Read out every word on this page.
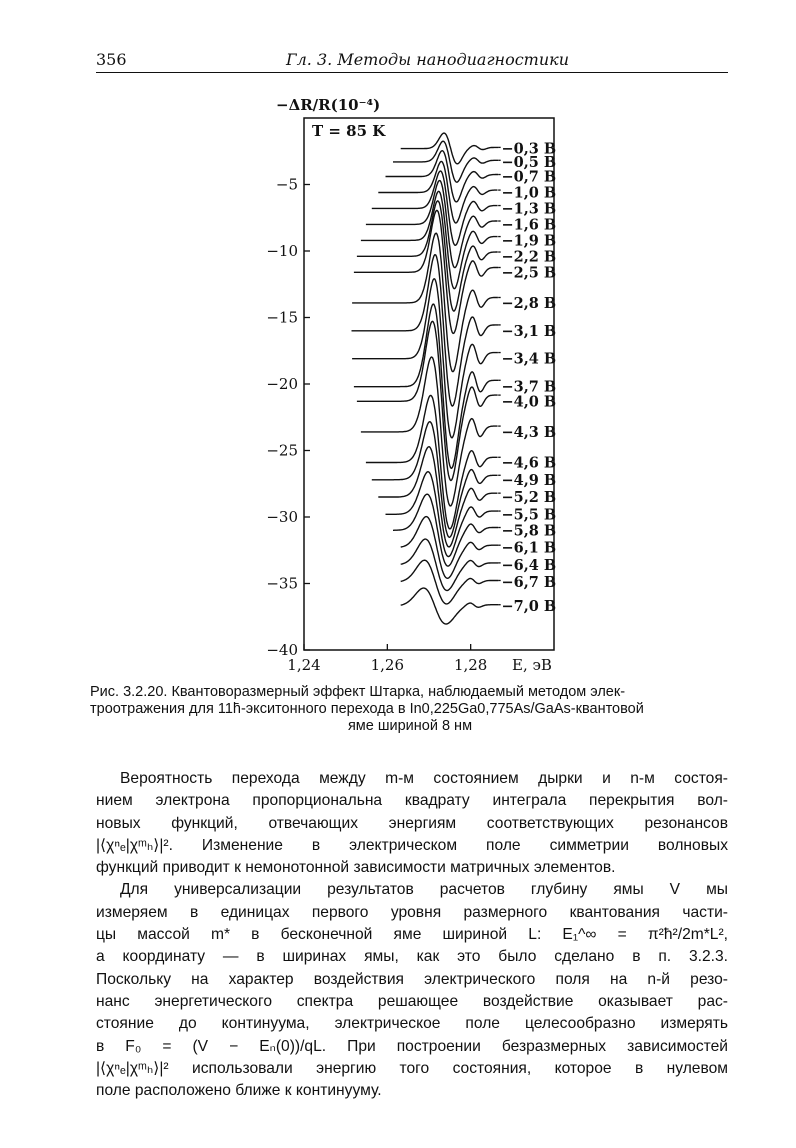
356	Гл. 3. Методы нанодиагностики
−ΔR/R(10⁻⁴)
T = 85 K
−5
−10
−15
−20
−25
−30
−35
−40
1,24	1,26	1,28
−0,3 В
−0,5 В
−0,7 В
−1,0 В
−1,3 В
−1,6 В
−1,9 В
−2,2 В
−2,5 В
−2,8 В
−3,1 В
−3,4 В
−3,7 В
−4,0 В
−4,3 В
−4,6 В
−4,9 В
−5,2 В
−5,5 В
−5,8 В
−6,1 В
−6,4 В
−6,7 В
−7,0 В
E, эВ
Рис. 3.2.20. Квантоворазмерный эффект Штарка, наблюдаемый методом элек-
троотражения для 11h̄-экситонного перехода в In0,225Ga0,775As/GaAs-квантовой
яме шириной 8 нм
Вероятность перехода между m-м состоянием дырки и n-м состоя-
нием электрона пропорциональна квадрату интеграла перекрытия вол-
новых функций, отвечающих энергиям соответствующих резонансов
|⟨χⁿₑ|χᵐₕ⟩|². Изменение в электрическом поле симметрии волновых
функций приводит к немонотонной зависимости матричных элементов.
Для универсализации результатов расчетов глубину ямы V мы
измеряем в единицах первого уровня размерного квантования части-
цы массой m* в бесконечной яме шириной L: E₁^∞ = π²ħ²/2m*L²,
а координату — в ширинах ямы, как это было сделано в п. 3.2.3.
Поскольку на характер воздействия электрического поля на n-й резо-
нанс энергетического спектра решающее воздействие оказывает рас-
стояние до континуума, электрическое поле целесообразно измерять
в F₀ = (V − Eₙ(0))/qL. При построении безразмерных зависимостей
|⟨χⁿₑ|χᵐₕ⟩|² использовали энергию того состояния, которое в нулевом
поле расположено ближе к континууму.
